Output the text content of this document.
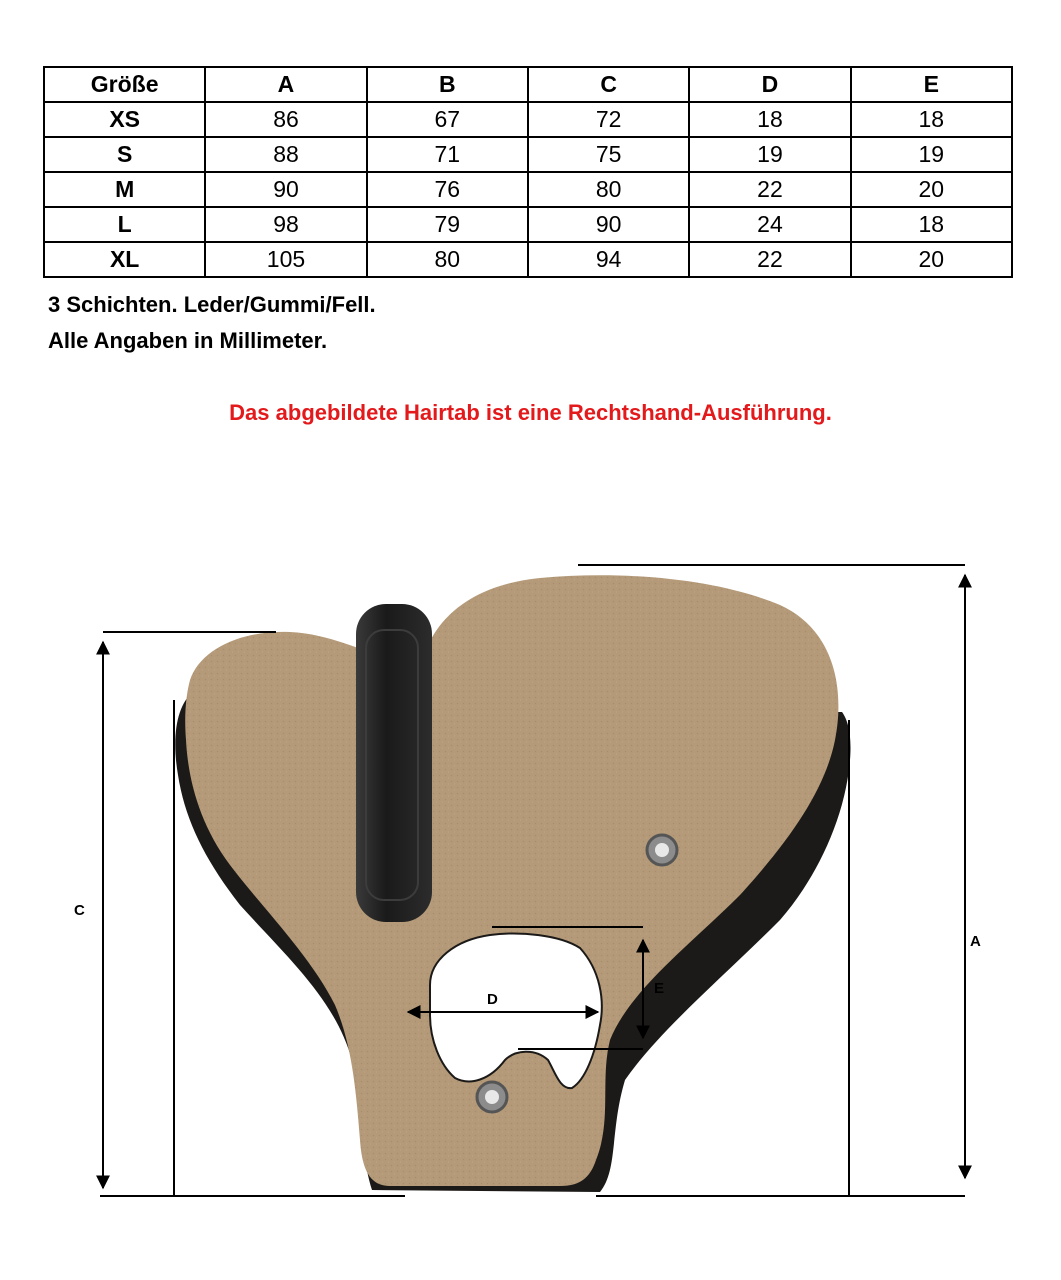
Größe	A	B	C	D	E
XS	86	67	72	18	18
S	88	71	75	19	19
M	90	76	80	22	20
L	98	79	90	24	18
XL	105	80	94	22	20
3 Schichten. Leder/Gummi/Fell.
Alle Angaben in Millimeter.
Das abgebildete Hairtab ist eine Rechtshand-Ausführung.
A
C
D
E
